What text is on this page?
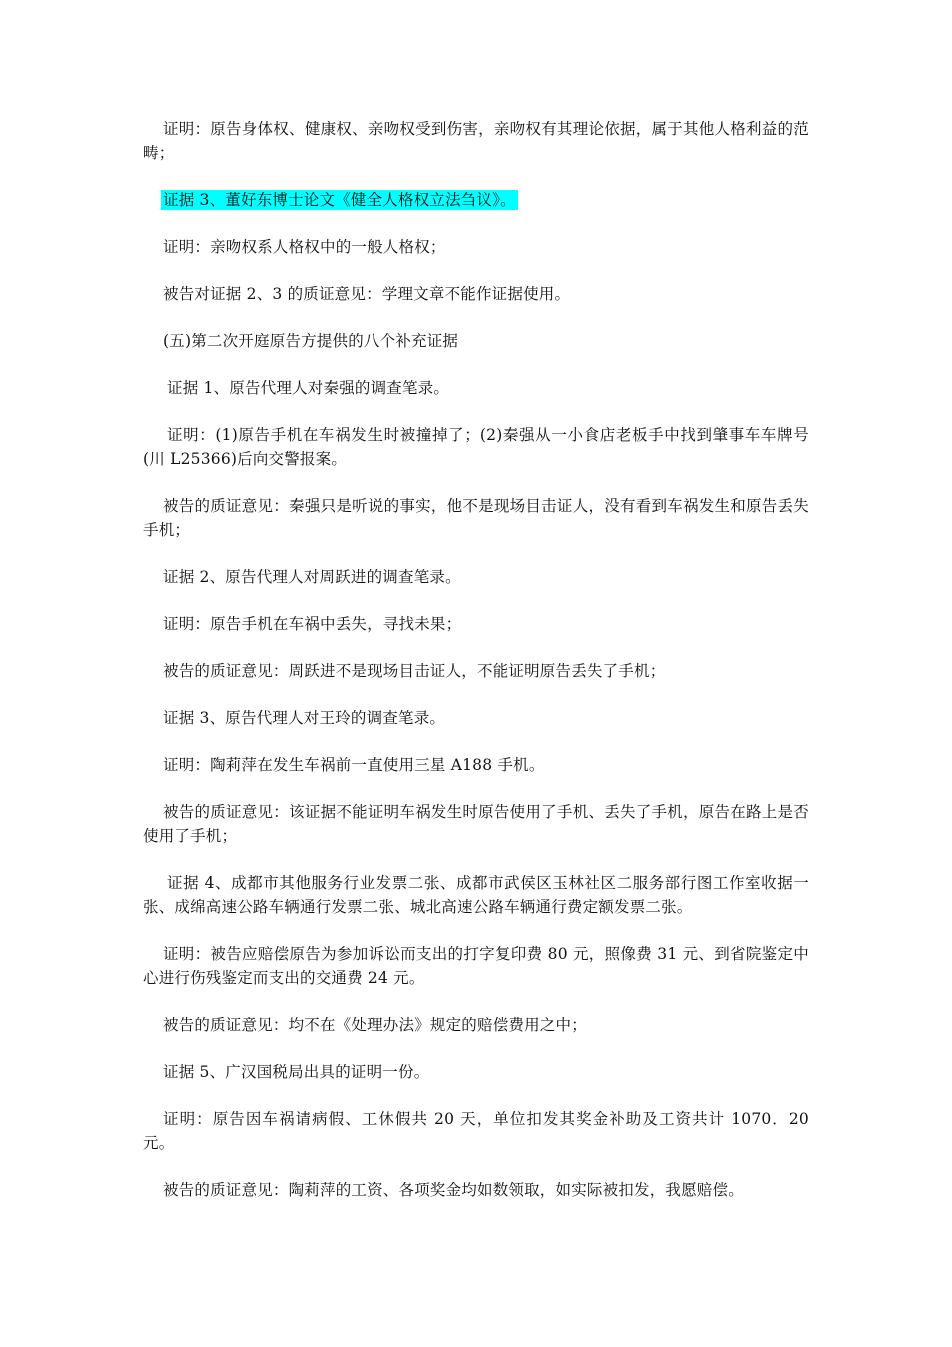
证明：原告身体权、健康权、亲吻权受到伤害，亲吻权有其理论依据，属于其他人格利益的范畴；

证据 3、董好东博士论文《健全人格权立法刍议》。

证明：亲吻权系人格权中的一般人格权；

被告对证据 2、3 的质证意见：学理文章不能作证据使用。

(五)第二次开庭原告方提供的八个补充证据

证据 1、原告代理人对秦强的调查笔录。

证明：(1)原告手机在车祸发生时被撞掉了；(2)秦强从一小食店老板手中找到肇事车车牌号(川 L25366)后向交警报案。

被告的质证意见：秦强只是听说的事实，他不是现场目击证人，没有看到车祸发生和原告丢失手机；

证据 2、原告代理人对周跃进的调查笔录。

证明：原告手机在车祸中丢失，寻找未果；

被告的质证意见：周跃进不是现场目击证人，不能证明原告丢失了手机；

证据 3、原告代理人对王玲的调查笔录。

证明：陶莉萍在发生车祸前一直使用三星 A188 手机。

被告的质证意见：该证据不能证明车祸发生时原告使用了手机、丢失了手机，原告在路上是否使用了手机；

证据 4、成都市其他服务行业发票二张、成都市武侯区玉林社区二服务部行图工作室收据一张、成绵高速公路车辆通行发票二张、城北高速公路车辆通行费定额发票二张。

证明：被告应赔偿原告为参加诉讼而支出的打字复印费 80 元，照像费 31 元、到省院鉴定中心进行伤残鉴定而支出的交通费 24 元。

被告的质证意见：均不在《处理办法》规定的赔偿费用之中；

证据 5、广汉国税局出具的证明一份。

证明：原告因车祸请病假、工休假共 20 天，单位扣发其奖金补助及工资共计 1070．20 元。

被告的质证意见：陶莉萍的工资、各项奖金均如数领取，如实际被扣发，我愿赔偿。
